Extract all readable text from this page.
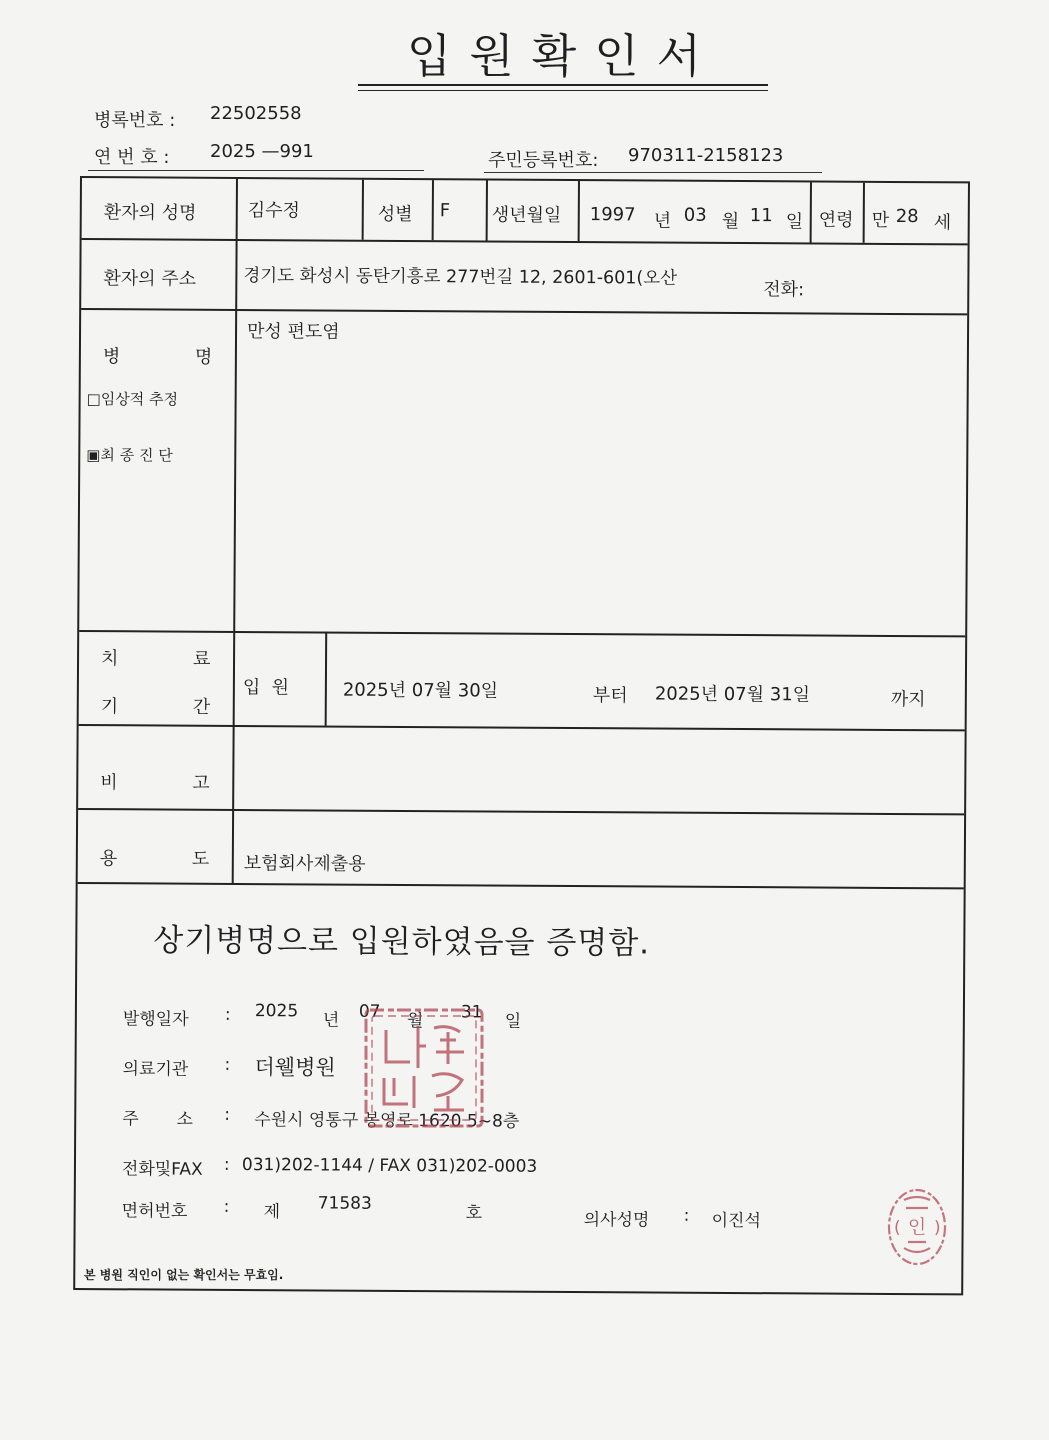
입원확인서
병록번호 : 22502558
연 번 호 : 2025 —991	주민등록번호: 970311-2158123
환자의 성명	김수정	성별 F 생년월일 1997 년 03 월 11 일 연령 만 28 세
환자의 주소	경기도 화성시 동탄기흥로 277번길 12, 2601-601(오산
전화:
병	명
□임상적 추정
▣최 종 진 단
만성 편도염
치	료
기	간
입  원	2025년 07월 30일	부터 2025년 07월 31일	까지
비	고
용	도 보험회사제출용
상기병명으로 입원하였음을 증명함.
발행일자 : 2025 년 07 월 31 일
의료기관 : 더웰병원
주       소 : 수원시 영통구 봉영로 1620 5~8층
전화및FAX : 031)202-1144 / FAX 031)202-0003
면허번호 : 제 71583	호	의사성명 : 이진석	인
( )
본 병원 직인이 없는 확인서는 무효임.
